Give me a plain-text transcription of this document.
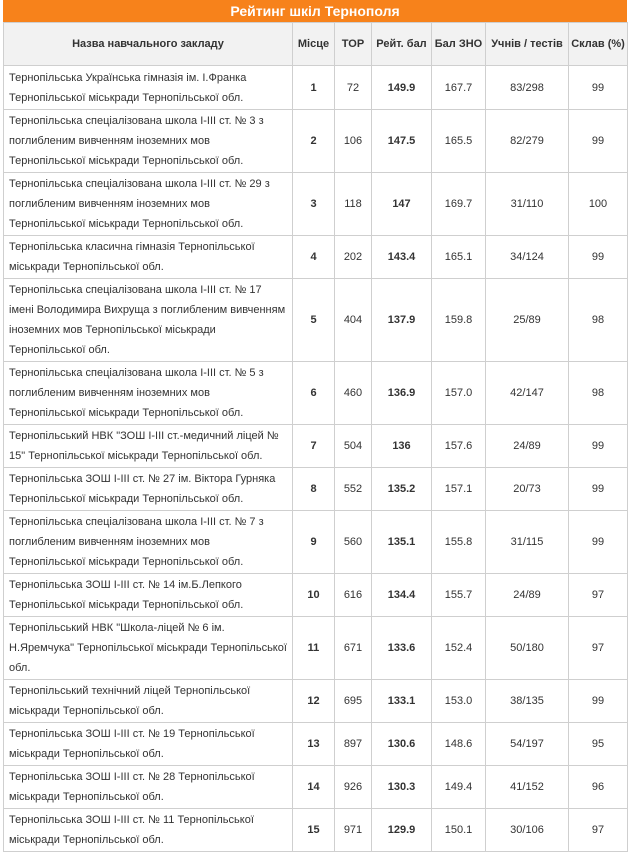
Рейтинг шкіл Тернополя
Назва навчального закладу	Місце	TOP	Рейт. бал	Бал ЗНО	Учнів / тестів	Склав (%)
Тернопільська Українська гімназія ім. І.Франка Тернопільської міськради Тернопільської обл.	1	72	149.9	167.7	83/298	99
Тернопільська спеціалізована школа І-ІІІ ст. № 3 з поглибленим вивченням іноземних мов Тернопільської міськради Тернопільської обл.	2	106	147.5	165.5	82/279	99
Тернопільська спеціалізована школа І-ІІІ ст. № 29 з поглибленим вивченням іноземних мов Тернопільської міськради Тернопільської обл.	3	118	147	169.7	31/110	100
Тернопільська класична гімназія Тернопільської міськради Тернопільської обл.	4	202	143.4	165.1	34/124	99
Тернопільська спеціалізована школа І-ІІІ ст. № 17 імені Володимира Вихруща з поглибленим вивченням іноземних мов Тернопільської міськради Тернопільської обл.	5	404	137.9	159.8	25/89	98
Тернопільська спеціалізована школа І-ІІІ ст. № 5 з поглибленим вивченням іноземних мов Тернопільської міськради Тернопільської обл.	6	460	136.9	157.0	42/147	98
Тернопільський НВК "ЗОШ І-ІІІ ст.-медичний ліцей № 15" Тернопільської міськради Тернопільської обл.	7	504	136	157.6	24/89	99
Тернопільська ЗОШ І-ІІІ ст. № 27 ім. Віктора Гурняка Тернопільської міськради Тернопільської обл.	8	552	135.2	157.1	20/73	99
Тернопільська спеціалізована школа І-ІІІ ст. № 7 з поглибленим вивченням іноземних мов Тернопільської міськради Тернопільської обл.	9	560	135.1	155.8	31/115	99
Тернопільська ЗОШ І-ІІІ ст. № 14 ім.Б.Лепкого Тернопільської міськради Тернопільської обл.	10	616	134.4	155.7	24/89	97
Тернопільський НВК "Школа-ліцей № 6 ім. Н.Яремчука" Тернопільської міськради Тернопільської обл.	11	671	133.6	152.4	50/180	97
Тернопільський технічний ліцей Тернопільської міськради Тернопільської обл.	12	695	133.1	153.0	38/135	99
Тернопільська ЗОШ І-ІІІ ст. № 19 Тернопільської міськради Тернопільської обл.	13	897	130.6	148.6	54/197	95
Тернопільська ЗОШ І-ІІІ ст. № 28 Тернопільської міськради Тернопільської обл.	14	926	130.3	149.4	41/152	96
Тернопільська ЗОШ І-ІІІ ст. № 11 Тернопільської міськради Тернопільської обл.	15	971	129.9	150.1	30/106	97
